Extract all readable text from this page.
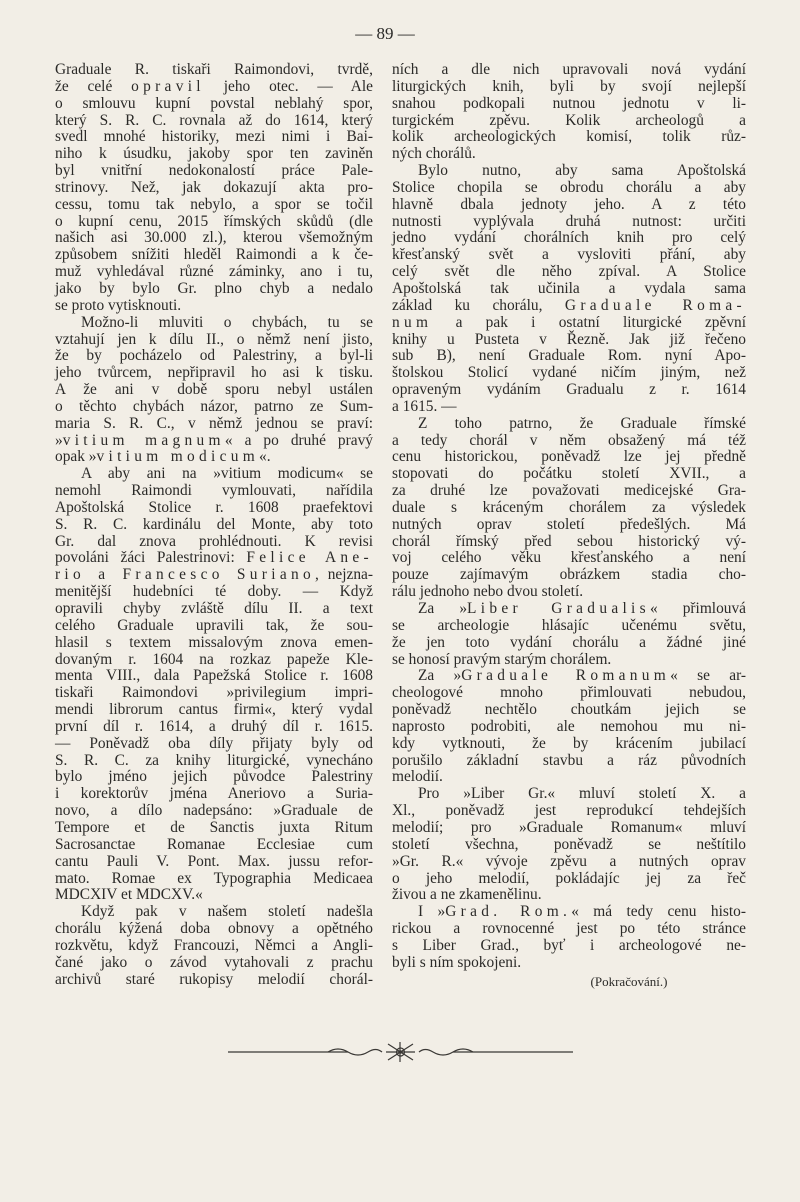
— 89 —
Graduale R. tiskaři Raimondovi, tvrdě,
že celé opravil jeho otec. — Ale
o smlouvu kupní povstal neblahý spor,
který S. R. C. rovnala až do 1614, který
svedl mnohé historiky, mezi nimi i Bai-
niho k úsudku, jakoby spor ten zaviněn
byl vnitřní nedokonalostí práce Pale-
strinovy. Než, jak dokazují akta pro-
cessu, tomu tak nebylo, a spor se točil
o kupní cenu, 2015 římských skůdů (dle
našich asi 30.000 zl.), kterou všemožným
způsobem snížiti hleděl Raimondi a k če-
muž vyhledával různé záminky, ano i tu,
jako by bylo Gr. plno chyb a nedalo
se proto vytisknouti.
Možno-li mluviti o chybách, tu se
vztahují jen k dílu II., o němž není jisto,
že by pocházelo od Palestriny, a byl-li
jeho tvůrcem, nepřipravil ho asi k tisku.
A že ani v době sporu nebyl ustálen
o těchto chybách názor, patrno ze Sum-
maria S. R. C., v němž jednou se praví:
»vitium magnum« a po druhé pravý
opak »vitium modicum«.
A aby ani na »vitium modicum« se
nemohl Raimondi vymlouvati, nařídila
Apoštolská Stolice r. 1608 praefektovi
S. R. C. kardinálu del Monte, aby toto
Gr. dal znova prohlédnouti. K revisi
povoláni žáci Palestrinovi: Felice Ane-
rio a Francesco Suriano, nejzna-
menitější hudebníci té doby. — Když
opravili chyby zvláště dílu II. a text
celého Graduale upravili tak, že sou-
hlasil s textem missalovým znova emen-
dovaným r. 1604 na rozkaz papeže Kle-
menta VIII., dala Papežská Stolice r. 1608
tiskaři Raimondovi »privilegium impri-
mendi librorum cantus firmi«, který vydal
první díl r. 1614, a druhý díl r. 1615.
— Poněvadž oba díly přijaty byly od
S. R. C. za knihy liturgické, vynecháno
bylo jméno jejich původce Palestriny
i korektorův jména Aneriovo a Suria-
novo, a dílo nadepsáno: »Graduale de
Tempore et de Sanctis juxta Ritum
Sacrosanctae Romanae Ecclesiae cum
cantu Pauli V. Pont. Max. jussu refor-
mato. Romae ex Typographia Medicaea
MDCXIV et MDCXV.«
Když pak v našem století nadešla
chorálu kýžená doba obnovy a opětného
rozkvětu, když Francouzi, Němci a Angli-
čané jako o závod vytahovali z prachu
archivů staré rukopisy melodií chorál-
ních a dle nich upravovali nová vydání
liturgických knih, byli by svojí nejlepší
snahou podkopali nutnou jednotu v li-
turgickém zpěvu. Kolik archeologů a
kolik archeologických komisí, tolik růz-
ných chorálů.
Bylo nutno, aby sama Apoštolská
Stolice chopila se obrodu chorálu a aby
hlavně dbala jednoty jeho. A z této
nutnosti vyplývala druhá nutnost: určiti
jedno vydání chorálních knih pro celý
křesťanský svět a vysloviti přání, aby
celý svět dle něho zpíval. A Stolice
Apoštolská tak učinila a vydala sama
základ ku chorálu, Graduale Roma-
num a pak i ostatní liturgické zpěvní
knihy u Pusteta v Řezně. Jak již řečeno
sub B), není Graduale Rom. nyní Apo-
štolskou Stolicí vydané ničím jiným, než
opraveným vydáním Gradualu z r. 1614
a 1615. —
Z toho patrno, že Graduale římské
a tedy chorál v něm obsažený má též
cenu historickou, poněvadž lze jej předně
stopovati do počátku století XVII., a
za druhé lze považovati medicejské Gra-
duale s kráceným chorálem za výsledek
nutných oprav století předešlých. Má
chorál římský před sebou historický vý-
voj celého věku křesťanského a není
pouze zajímavým obrázkem stadia cho-
rálu jednoho nebo dvou století.
Za »Liber Gradualis« přimlouvá
se archeologie hlásajíc učenému světu,
že jen toto vydání chorálu a žádné jiné
se honosí pravým starým chorálem.
Za »Graduale Romanum« se ar-
cheologové mnoho přimlouvati nebudou,
poněvadž nechtělo choutkám jejich se
naprosto podrobiti, ale nemohou mu ni-
kdy vytknouti, že by krácením jubilací
porušilo základní stavbu a ráz původních
melodií.
Pro »Liber Gr.« mluví století X. a
Xl., poněvadž jest reprodukcí tehdejších
melodií; pro »Graduale Romanum« mluví
století všechna, poněvadž se neštítilo
»Gr. R.« vývoje zpěvu a nutných oprav
o jeho melodií, pokládajíc jej za řeč
živou a ne zkamenělinu.
I »Grad. Rom.« má tedy cenu histo-
rickou a rovnocenné jest po této stránce
s Liber Grad., byť i archeologové ne-
byli s ním spokojeni.
(Pokračování.)
